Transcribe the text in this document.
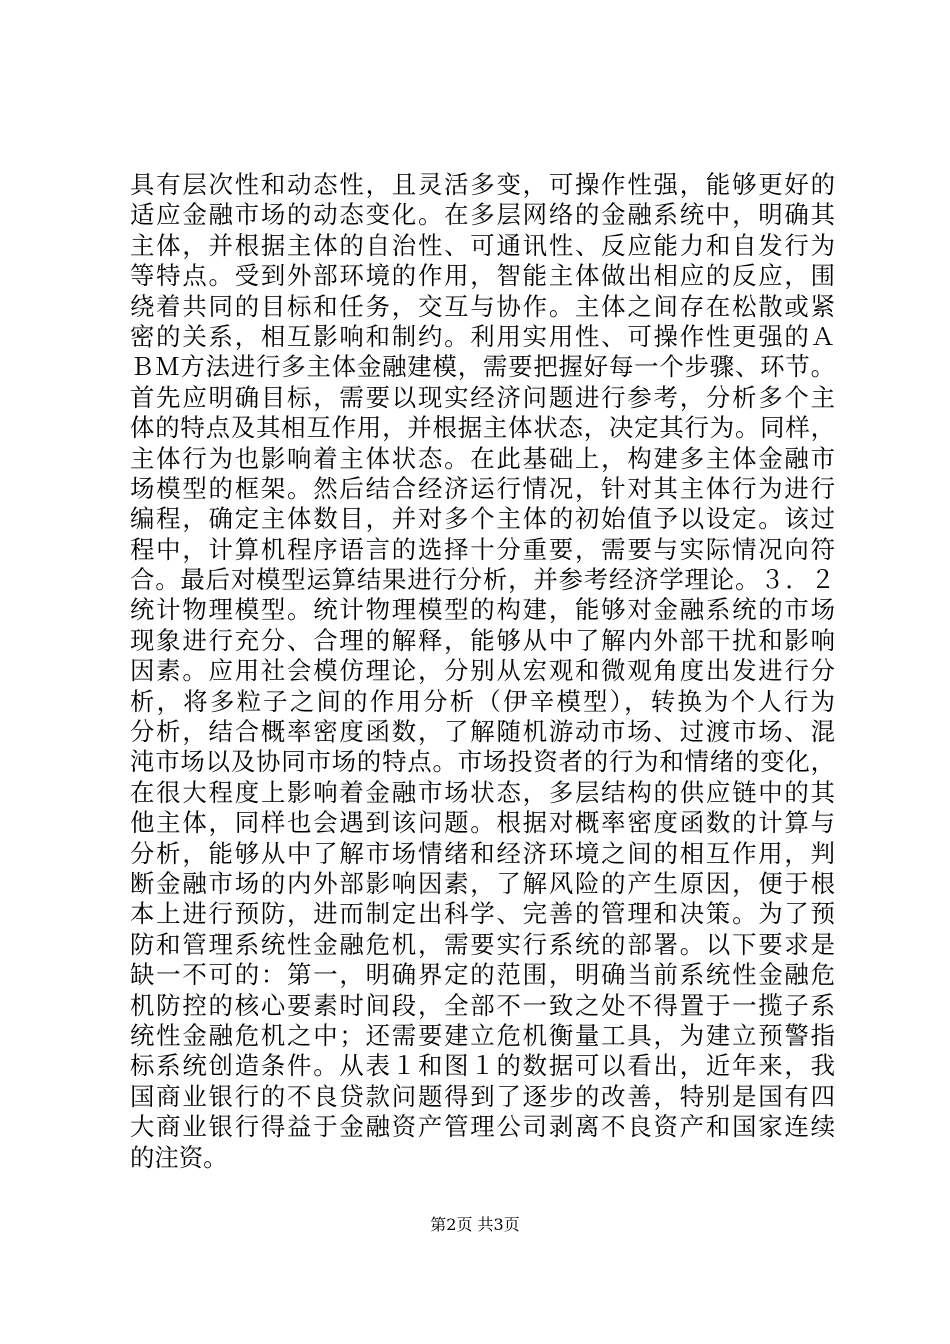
具有层次性和动态性，且灵活多变，可操作性强，能够更好的
适应金融市场的动态变化。在多层网络的金融系统中，明确其
主体，并根据主体的自治性、可通讯性、反应能力和自发行为
等特点。受到外部环境的作用，智能主体做出相应的反应，围
绕着共同的目标和任务，交互与协作。主体之间存在松散或紧
密的关系，相互影响和制约。利用实用性、可操作性更强的Ａ
ＢＭ方法进行多主体金融建模，需要把握好每一个步骤、环节。
首先应明确目标，需要以现实经济问题进行参考，分析多个主
体的特点及其相互作用，并根据主体状态，决定其行为。同样，
主体行为也影响着主体状态。在此基础上，构建多主体金融市
场模型的框架。然后结合经济运行情况，针对其主体行为进行
编程，确定主体数目，并对多个主体的初始值予以设定。该过
程中，计算机程序语言的选择十分重要，需要与实际情况向符
合。最后对模型运算结果进行分析，并参考经济学理论。３．２
统计物理模型。统计物理模型的构建，能够对金融系统的市场
现象进行充分、合理的解释，能够从中了解内外部干扰和影响
因素。应用社会模仿理论，分别从宏观和微观角度出发进行分
析，将多粒子之间的作用分析（伊辛模型），转换为个人行为
分析，结合概率密度函数，了解随机游动市场、过渡市场、混
沌市场以及协同市场的特点。市场投资者的行为和情绪的变化，
在很大程度上影响着金融市场状态，多层结构的供应链中的其
他主体，同样也会遇到该问题。根据对概率密度函数的计算与
分析，能够从中了解市场情绪和经济环境之间的相互作用，判
断金融市场的内外部影响因素，了解风险的产生原因，便于根
本上进行预防，进而制定出科学、完善的管理和决策。为了预
防和管理系统性金融危机，需要实行系统的部署。以下要求是
缺一不可的：第一，明确界定的范围，明确当前系统性金融危
机防控的核心要素时间段，全部不一致之处不得置于一揽子系
统性金融危机之中；还需要建立危机衡量工具，为建立预警指
标系统创造条件。从表１和图１的数据可以看出，近年来，我
国商业银行的不良贷款问题得到了逐步的改善，特别是国有四
大商业银行得益于金融资产管理公司剥离不良资产和国家连续
的注资。
第2页 共3页
